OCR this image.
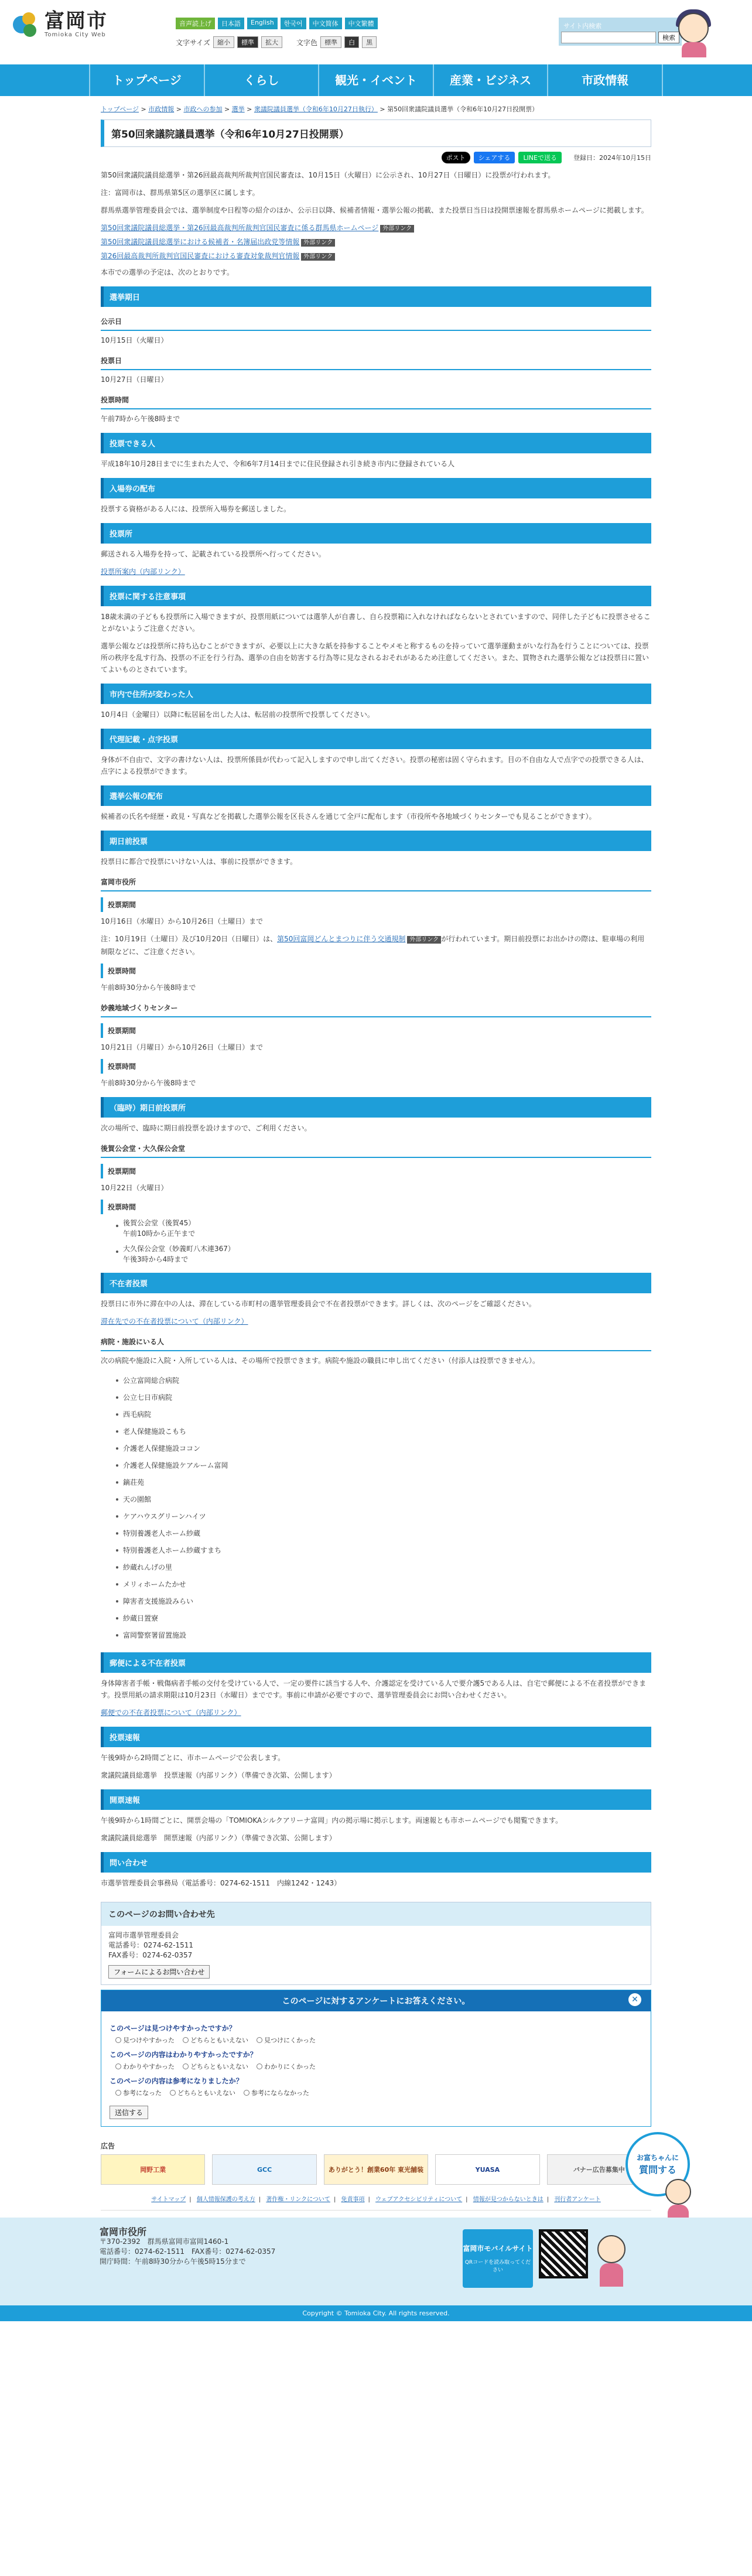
富岡市
Tomioka City Web
音声読上げ	日本語	English	한국어	中文简体	中文繁體
文字サイズ	縮小	標準	拡大	文字色	標準	白	黒
サイト内検索
検索
トップページ	くらし	観光・イベント	産業・ビジネス	市政情報
トップページ > 市政情報 > 市政への参加 > 選挙 > 衆議院議員選挙（令和6年10月27日執行） > 第50回衆議院議員選挙（令和6年10月27日投開票）
第50回衆議院議員選挙（令和6年10月27日投開票）
ポスト	シェアする	LINEで送る	登録日：2024年10月15日

第50回衆議院議員総選挙・第26回最高裁判所裁判官国民審査は、10月15日（火曜日）に公示され、10月27日（日曜日）に投票が行われます。

注：富岡市は、群馬県第5区の選挙区に属します。

群馬県選挙管理委員会では、選挙制度や日程等の紹介のほか、公示日以降、候補者情報・選挙公報の掲載、また投票日当日は投開票速報を群馬県ホームページに掲載します。

第50回衆議院議員総選挙・第26回最高裁判所裁判官国民審査に係る群馬県ホームページ 外部リンク

第50回衆議院議員総選挙における候補者・名簿届出政党等情報 外部リンク

第26回最高裁判所裁判官国民審査における審査対象裁判官情報 外部リンク

本市での選挙の予定は、次のとおりです。

選挙期日
公示日

10月15日（火曜日）

投票日

10月27日（日曜日）

投票時間

午前7時から午後8時まで

投票できる人

平成18年10月28日までに生まれた人で、令和6年7月14日までに住民登録され引き続き市内に登録されている人

入場券の配布

投票する資格がある人には、投票所入場券を郵送しました。

投票所

郵送される入場券を持って、記載されている投票所へ行ってください。

投票所案内（内部リンク）

投票に関する注意事項

18歳未満の子どもも投票所に入場できますが、投票用紙については選挙人が自書し、自ら投票箱に入れなければならないとされていますので、同伴した子どもに投票させることがないようご注意ください。

選挙公報などは投票所に持ち込むことができますが、必要以上に大きな紙を持参することやメモと称するものを持っていて選挙運動まがいな行為を行うことについては、投票所の秩序を乱す行為、投票の不正を行う行為、選挙の自由を妨害する行為等に見なされるおそれがあるため注意してください。また、買物された選挙公報などは投票日に置いてよいものとされています。

市内で住所が変わった人

10月4日（金曜日）以降に転居届を出した人は、転居前の投票所で投票してください。

代理記載・点字投票

身体が不自由で、文字の書けない人は、投票所係員が代わって記入しますので申し出てください。投票の秘密は固く守られます。目の不自由な人で点字での投票できる人は、点字による投票ができます。

選挙公報の配布

候補者の氏名や経歴・政見・写真などを掲載した選挙公報を区長さんを通じて全戸に配布します（市役所や各地域づくりセンターでも見ることができます）。

期日前投票

投票日に都合で投票にいけない人は、事前に投票ができます。

富岡市役所
投票期間

10月16日（水曜日）から10月26日（土曜日）まで

注：10月19日（土曜日）及び10月20日（日曜日）は、第50回富岡どんとまつりに伴う交通規制 外部リンク が行われています。期日前投票にお出かけの際は、駐車場の利用制限などに、ご注意ください。

投票時間

午前8時30分から午後8時まで

妙義地域づくりセンター
投票期間

10月21日（月曜日）から10月26日（土曜日）まで

投票時間

午前8時30分から午後8時まで

（臨時）期日前投票所

次の場所で、臨時に期日前投票を設けますので、ご利用ください。

後賀公会堂・大久保公会堂
投票期間

10月22日（火曜日）

投票時間
後賀公会堂（後賀45）
午前10時から正午まで
大久保公会堂（妙義町八木連367）
午後3時から4時まで
不在者投票

投票日に市外に滞在中の人は、滞在している市町村の選挙管理委員会で不在者投票ができます。詳しくは、次のページをご確認ください。

滞在先での不在者投票について（内部リンク）

病院・施設にいる人

次の病院や施設に入院・入所している人は、その場所で投票できます。病院や施設の職員に申し出てください（付添人は投票できません）。

公立富岡総合病院
公立七日市病院
西毛病院
老人保健施設こもち
介護老人保健施設ココン
介護老人保健施設ケアルーム富岡
鏑荘苑
天の園館
ケアハウスグリーンハイツ
特別養護老人ホーム紗蔵
特別養護老人ホーム紗蔵すまち
紗蔵れんげの里
メリィホームたかせ
障害者支援施設みらい
紗蔵日置寮
富岡警察署留置施設
郵便による不在者投票

身体障害者手帳・戦傷病者手帳の交付を受けている人で、一定の要件に該当する人や、介護認定を受けている人で要介護5である人は、自宅で郵便による不在者投票ができます。投票用紙の請求期限は10月23日（水曜日）までです。事前に申請が必要ですので、選挙管理委員会にお問い合わせください。

郵便での不在者投票について（内部リンク）

投票速報

午後9時から2時間ごとに、市ホームページで公表します。

衆議院議員総選挙　投票速報（内部リンク）（準備でき次第、公開します）

開票速報

午後9時から1時間ごとに、開票会場の「TOMIOKAシルクアリーナ富岡」内の掲示場に掲示します。両速報とも市ホームページでも閲覧できます。

衆議院議員総選挙　開票速報（内部リンク）（準備でき次第、公開します）

問い合わせ

市選挙管理委員会事務局（電話番号：0274-62-1511　内線1242・1243）

このページのお問い合わせ先
富岡市選挙管理委員会
電話番号：0274-62-1511
FAX番号：0274-62-0357
フォームによるお問い合わせ
このページに対するアンケートにお答えください。	✕
このページは見つけやすかったですか？
見つけやすかった どちらともいえない 見つけにくかった
このページの内容はわかりやすかったですか？
わかりやすかった どちらともいえない わかりにくかった
このページの内容は参考になりましたか？
参考になった どちらともいえない 参考にならなかった
送信する
広告
岡野工業	GCC	ありがとう！創業60年 東光舗装	YUASA	バナー広告募集中
サイトマップ | 個人情報保護の考え方 | 著作権・リンクについて | 免責事項 | ウェブアクセシビリティについて | 情報が見つからないときは | 刊行者アンケート
お富ちゃんに
質問する
富岡市役所
〒370-2392　群馬県富岡市富岡1460-1
電話番号：0274-62-1511　FAX番号：0274-62-0357
開庁時間：午前8時30分から午後5時15分まで
富岡市モバイルサイト
QRコードを読み取ってください
Copyright © Tomioka City. All rights reserved.
